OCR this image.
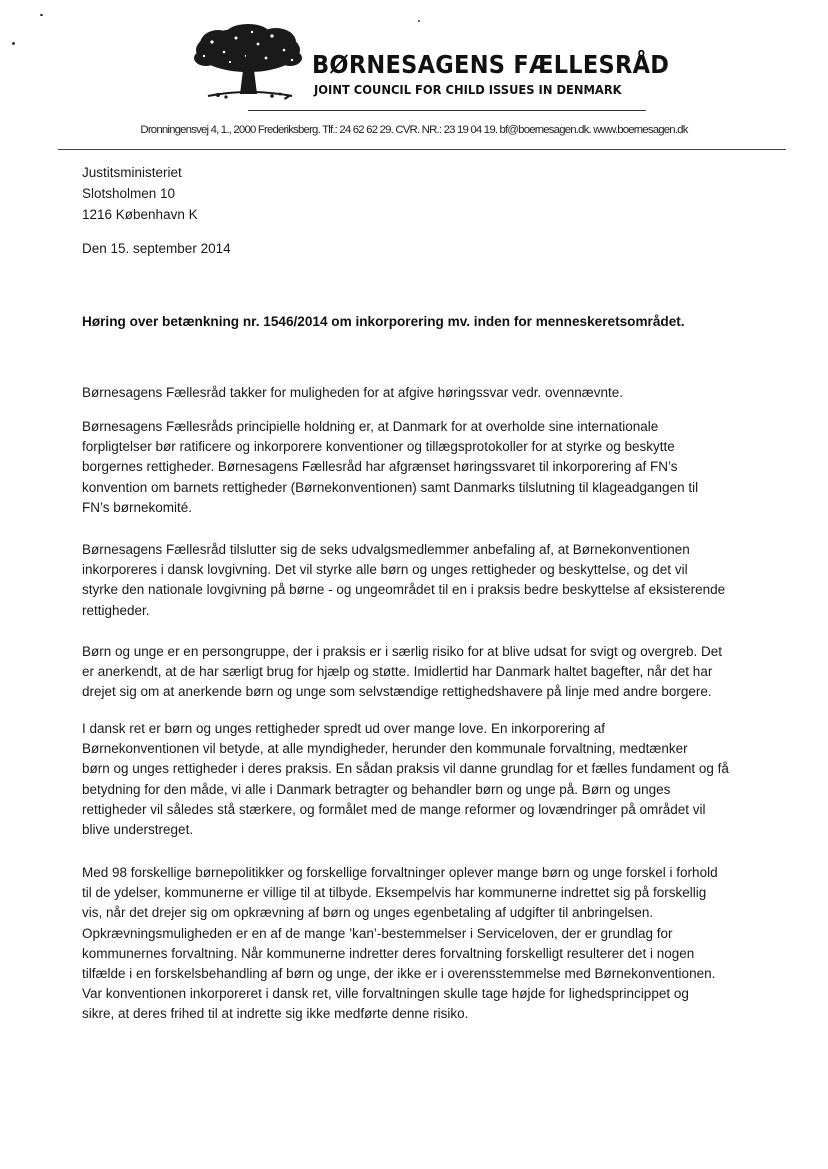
BØRNESAGENS FÆLLESRÅD
JOINT COUNCIL FOR CHILD ISSUES IN DENMARK
Dronningensvej 4, 1., 2000 Frederiksberg. Tlf.: 24 62 62 29. CVR. NR.: 23 19 04 19. bf@boernesagen.dk. www.boernesagen.dk
Justitsministeriet
Slotsholmen 10
1216 København K
Den 15. september 2014
Høring over betænkning nr. 1546/2014 om inkorporering mv. inden for menneskeretsområdet.
Børnesagens Fællesråd takker for muligheden for at afgive høringssvar vedr. ovennævnte.
Børnesagens Fællesråds principielle holdning er, at Danmark for at overholde sine internationale
forpligtelser bør ratificere og inkorporere konventioner og tillægsprotokoller for at styrke og beskytte
borgernes rettigheder. Børnesagens Fællesråd har afgrænset høringssvaret til inkorporering af FN’s
konvention om barnets rettigheder (Børnekonventionen) samt Danmarks tilslutning til klageadgangen til
FN’s børnekomité.
Børnesagens Fællesråd tilslutter sig de seks udvalgsmedlemmer anbefaling af, at Børnekonventionen
inkorporeres i dansk lovgivning. Det vil styrke alle børn og unges rettigheder og beskyttelse, og det vil
styrke den nationale lovgivning på børne - og ungeområdet til en i praksis bedre beskyttelse af eksisterende
rettigheder.
Børn og unge er en persongruppe, der i praksis er i særlig risiko for at blive udsat for svigt og overgreb. Det
er anerkendt, at de har særligt brug for hjælp og støtte. Imidlertid har Danmark haltet bagefter, når det har
drejet sig om at anerkende børn og unge som selvstændige rettighedshavere på linje med andre borgere.
I dansk ret er børn og unges rettigheder spredt ud over mange love. En inkorporering af
Børnekonventionen vil betyde, at alle myndigheder, herunder den kommunale forvaltning, medtænker
børn og unges rettigheder i deres praksis. En sådan praksis vil danne grundlag for et fælles fundament og få
betydning for den måde, vi alle i Danmark betragter og behandler børn og unge på. Børn og unges
rettigheder vil således stå stærkere, og formålet med de mange reformer og lovændringer på området vil
blive understreget.
Med 98 forskellige børnepolitikker og forskellige forvaltninger oplever mange børn og unge forskel i forhold
til de ydelser, kommunerne er villige til at tilbyde. Eksempelvis har kommunerne indrettet sig på forskellig
vis, når det drejer sig om opkrævning af børn og unges egenbetaling af udgifter til anbringelsen.
Opkrævningsmuligheden er en af de mange ’kan’-bestemmelser i Serviceloven, der er grundlag for
kommunernes forvaltning. Når kommunerne indretter deres forvaltning forskelligt resulterer det i nogen
tilfælde i en forskelsbehandling af børn og unge, der ikke er i overensstemmelse med Børnekonventionen.
Var konventionen inkorporeret i dansk ret, ville forvaltningen skulle tage højde for lighedsprincippet og
sikre, at deres frihed til at indrette sig ikke medførte denne risiko.
